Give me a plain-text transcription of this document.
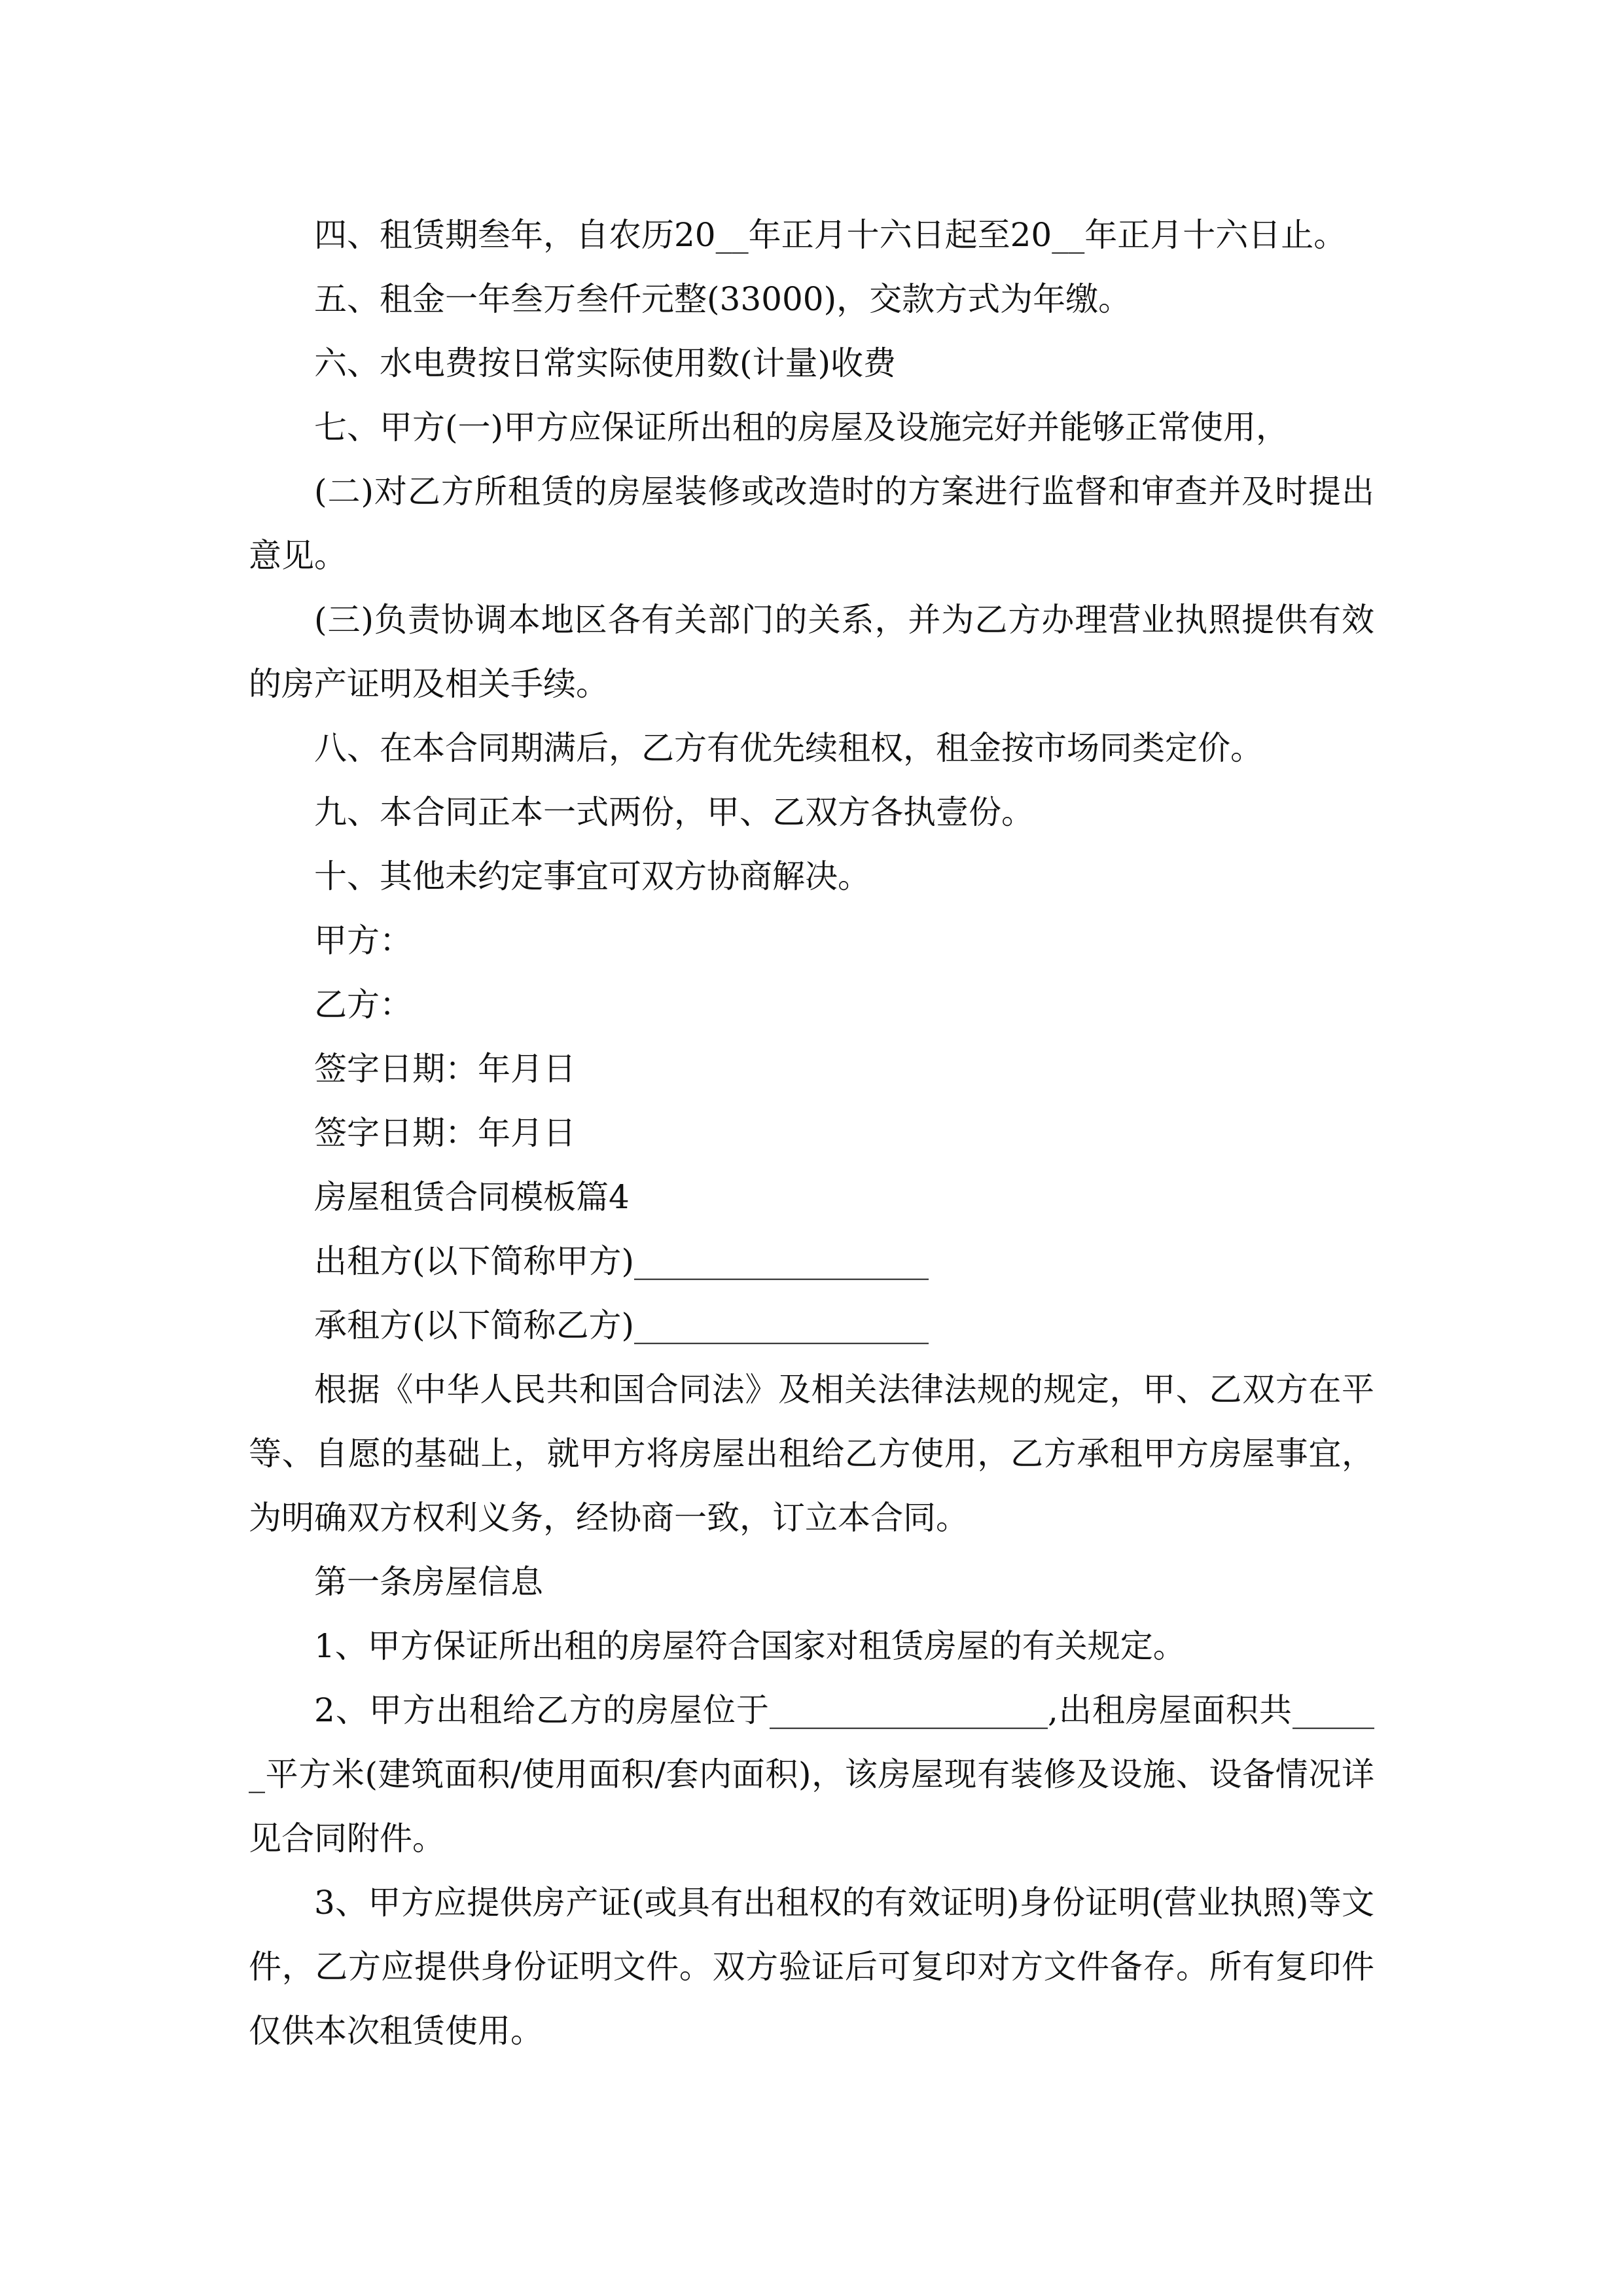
四、租赁期叁年，自农历20__年正月十六日起至20__年正月十六日止。

五、租金一年叁万叁仟元整(33000)，交款方式为年缴。

六、水电费按日常实际使用数(计量)收费

七、甲方(一)甲方应保证所出租的房屋及设施完好并能够正常使用，

(二)对乙方所租赁的房屋装修或改造时的方案进行监督和审查并及时提出意见。

(三)负责协调本地区各有关部门的关系，并为乙方办理营业执照提供有效的房产证明及相关手续。

八、在本合同期满后，乙方有优先续租权，租金按市场同类定价。

九、本合同正本一式两份，甲、乙双方各执壹份。

十、其他未约定事宜可双方协商解决。

甲方：

乙方：

签字日期：年月日

签字日期：年月日

房屋租赁合同模板篇4

出租方(以下简称甲方)__________________

承租方(以下简称乙方)__________________

根据《中华人民共和国合同法》及相关法律法规的规定，甲、乙双方在平等、自愿的基础上，就甲方将房屋出租给乙方使用，乙方承租甲方房屋事宜，为明确双方权利义务，经协商一致，订立本合同。

第一条房屋信息

1、甲方保证所出租的房屋符合国家对租赁房屋的有关规定。

2、甲方出租给乙方的房屋位于_________________,出租房屋面积共______平方米(建筑面积/使用面积/套内面积)，该房屋现有装修及设施、设备情况详见合同附件。

3、甲方应提供房产证(或具有出租权的有效证明)身份证明(营业执照)等文件，乙方应提供身份证明文件。双方验证后可复印对方文件备存。所有复印件仅供本次租赁使用。
